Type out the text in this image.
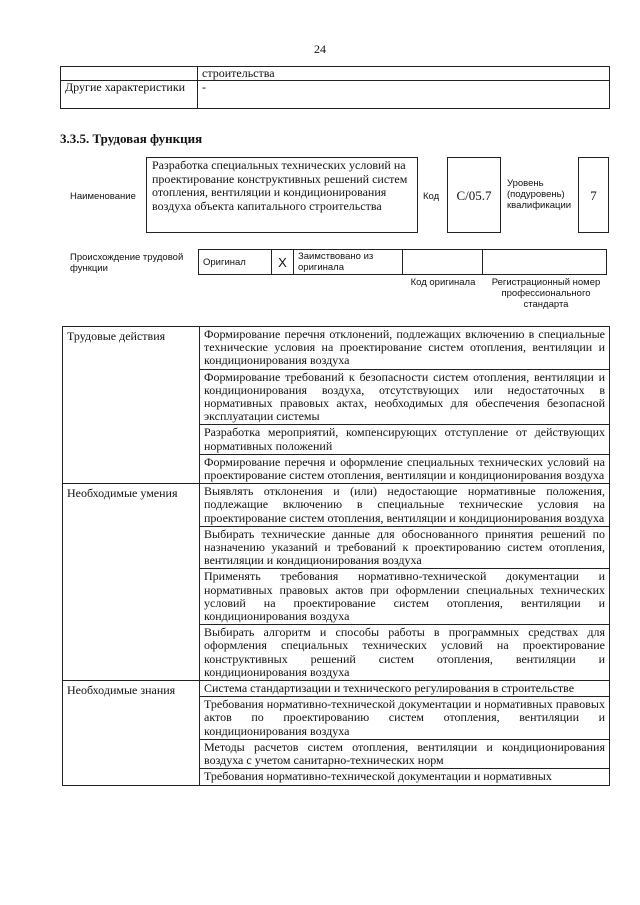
24
	строительства
Другие характеристики	-
3.3.5. Трудовая функция
Наименование
Разработка специальных технических условий на проектирование конструктивных решений систем отопления, вентиляции и кондиционирования воздуха объекта капитального строительства
Код	C/05.7
Уровень (подуровень) квалификации
7
Происхождение трудовой функции
Оригинал	X	Заимствовано из оригинала		
Код оригинала	Регистрационный номер профессионального стандарта
Трудовые действия	Формирование перечня отклонений, подлежащих включению в специальные технические условия на проектирование систем отопления, вентиляции и кондиционирования воздуха
	Формирование требований к безопасности систем отопления, вентиляции и кондиционирования воздуха, отсутствующих или недостаточных в нормативных правовых актах, необходимых для обеспечения безопасной эксплуатации системы
	Разработка мероприятий, компенсирующих отступление от действующих нормативных положений
	Формирование перечня и оформление специальных технических условий на проектирование систем отопления, вентиляции и кондиционирования воздуха
Необходимые умения	Выявлять отклонения и (или) недостающие нормативные положения, подлежащие включению в специальные технические условия на проектирование систем отопления, вентиляции и кондиционирования воздуха
	Выбирать технические данные для обоснованного принятия решений по назначению указаний и требований к проектированию систем отопления, вентиляции и кондиционирования воздуха
	Применять требования нормативно-технической документации и нормативных правовых актов при оформлении специальных технических условий на проектирование систем отопления, вентиляции и кондиционирования воздуха
	Выбирать алгоритм и способы работы в программных средствах для оформления специальных технических условий на проектирование конструктивных решений систем отопления, вентиляции и кондиционирования воздуха
Необходимые знания	Система стандартизации и технического регулирования в строительстве
	Требования нормативно-технической документации и нормативных правовых актов по проектированию систем отопления, вентиляции и кондиционирования воздуха
	Методы расчетов систем отопления, вентиляции и кондиционирования воздуха с учетом санитарно-технических норм
	Требования нормативно-технической документации и нормативных
